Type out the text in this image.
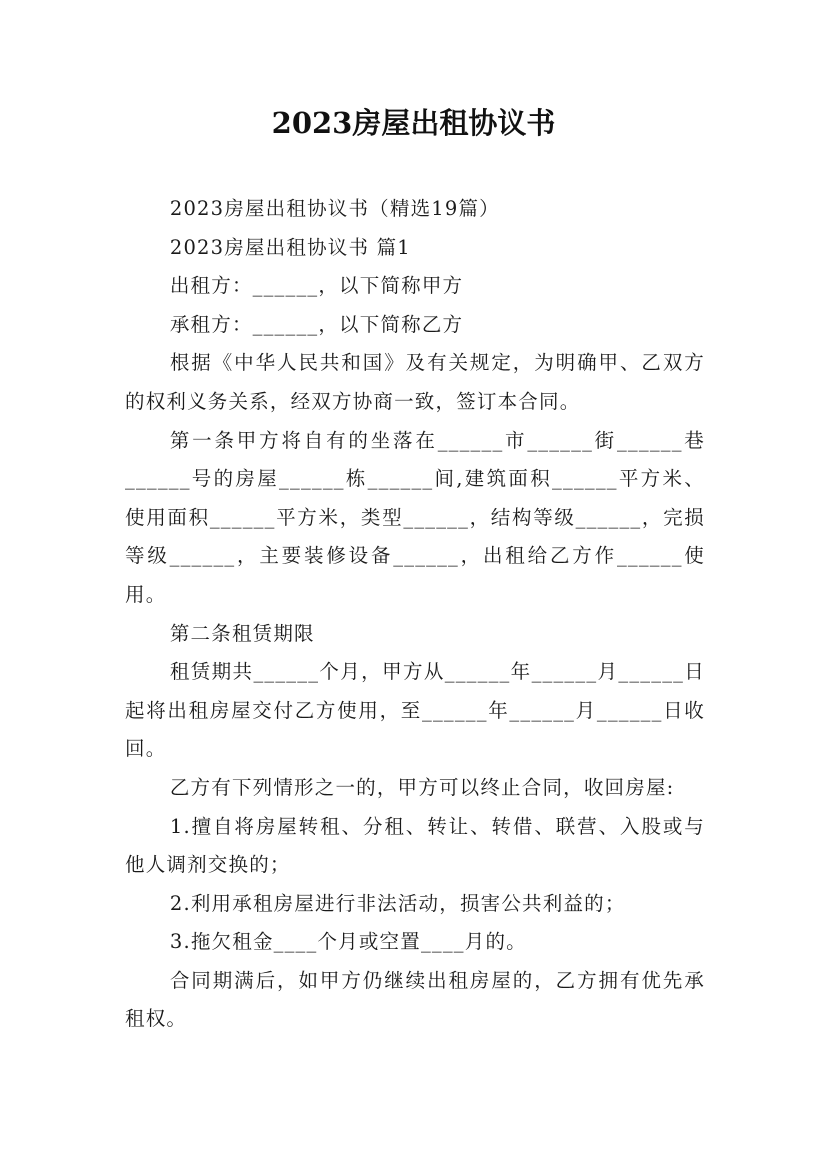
2023房屋出租协议书

2023房屋出租协议书（精选19篇）

2023房屋出租协议书 篇1

出租方：______，以下简称甲方

承租方：______，以下简称乙方

根据《中华人民共和国》及有关规定，为明确甲、乙双方的权利义务关系，经双方协商一致，签订本合同。

第一条甲方将自有的坐落在______市______街______巷______号的房屋______栋______间,建筑面积______平方米、使用面积______平方米，类型______，结构等级______，完损等级______，主要装修设备______，出租给乙方作______使用。

第二条租赁期限

租赁期共______个月，甲方从______年______月______日起将出租房屋交付乙方使用，至______年______月______日收回。

乙方有下列情形之一的，甲方可以终止合同，收回房屋:

1.擅自将房屋转租、分租、转让、转借、联营、入股或与他人调剂交换的；

2.利用承租房屋进行非法活动，损害公共利益的；

3.拖欠租金____个月或空置____月的。

合同期满后，如甲方仍继续出租房屋的，乙方拥有优先承租权。
